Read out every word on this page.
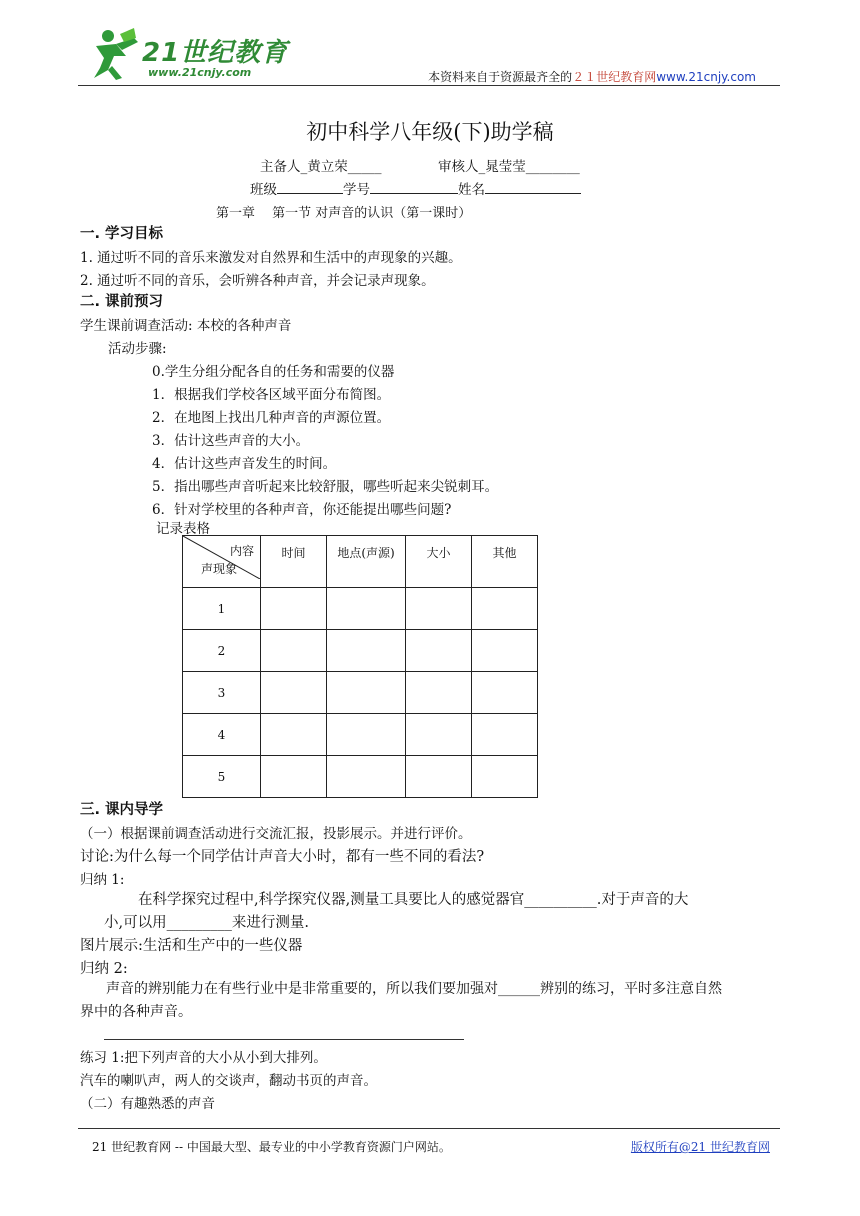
21世纪教育
www.21cnjy.com	本资料来自于资源最齐全的２１世纪教育网www.21cnjy.com
初中科学八年级(下)助学稿
主备人_黄立荣_____	审核人_晁莹莹________
班级	学号	姓名
第一章　 第一节 对声音的认识（第一课时）
一. 学习目标
1. 通过听不同的音乐来激发对自然界和生活中的声现象的兴趣。
2. 通过听不同的音乐，会听辨各种声音，并会记录声现象。
二. 课前预习
学生课前调查活动: 本校的各种声音
活动步骤:
0.学生分组分配各自的任务和需要的仪器
1．根据我们学校各区域平面分布简图。
2．在地图上找出几种声音的声源位置。
3．估计这些声音的大小。
4．估计这些声音发生的时间。
5．指出哪些声音听起来比较舒服，哪些听起来尖锐刺耳。
6．针对学校里的各种声音，你还能提出哪些问题?
记录表格
内容
声现象	时间	地点(声源)	大小	其他
1				
2				
3				
4				
5				
三. 课内导学
（一）根据课前调查活动进行交流汇报，投影展示。并进行评价。
讨论:为什么每一个同学估计声音大小时，都有一些不同的看法?
归纳 1:
在科学探究过程中,科学探究仪器,测量工具要比人的感觉器官__________.对于声音的大
小,可以用_________来进行测量.
图片展示:生活和生产中的一些仪器
归纳 2:
声音的辨别能力在有些行业中是非常重要的，所以我们要加强对______辨别的练习，平时多注意自然
界中的各种声音。
练习 1:把下列声音的大小从小到大排列。
汽车的喇叭声，两人的交谈声，翻动书页的声音。
（二）有趣熟悉的声音
21 世纪教育网 -- 中国最大型、最专业的中小学教育资源门户网站。	版权所有@21 世纪教育网
